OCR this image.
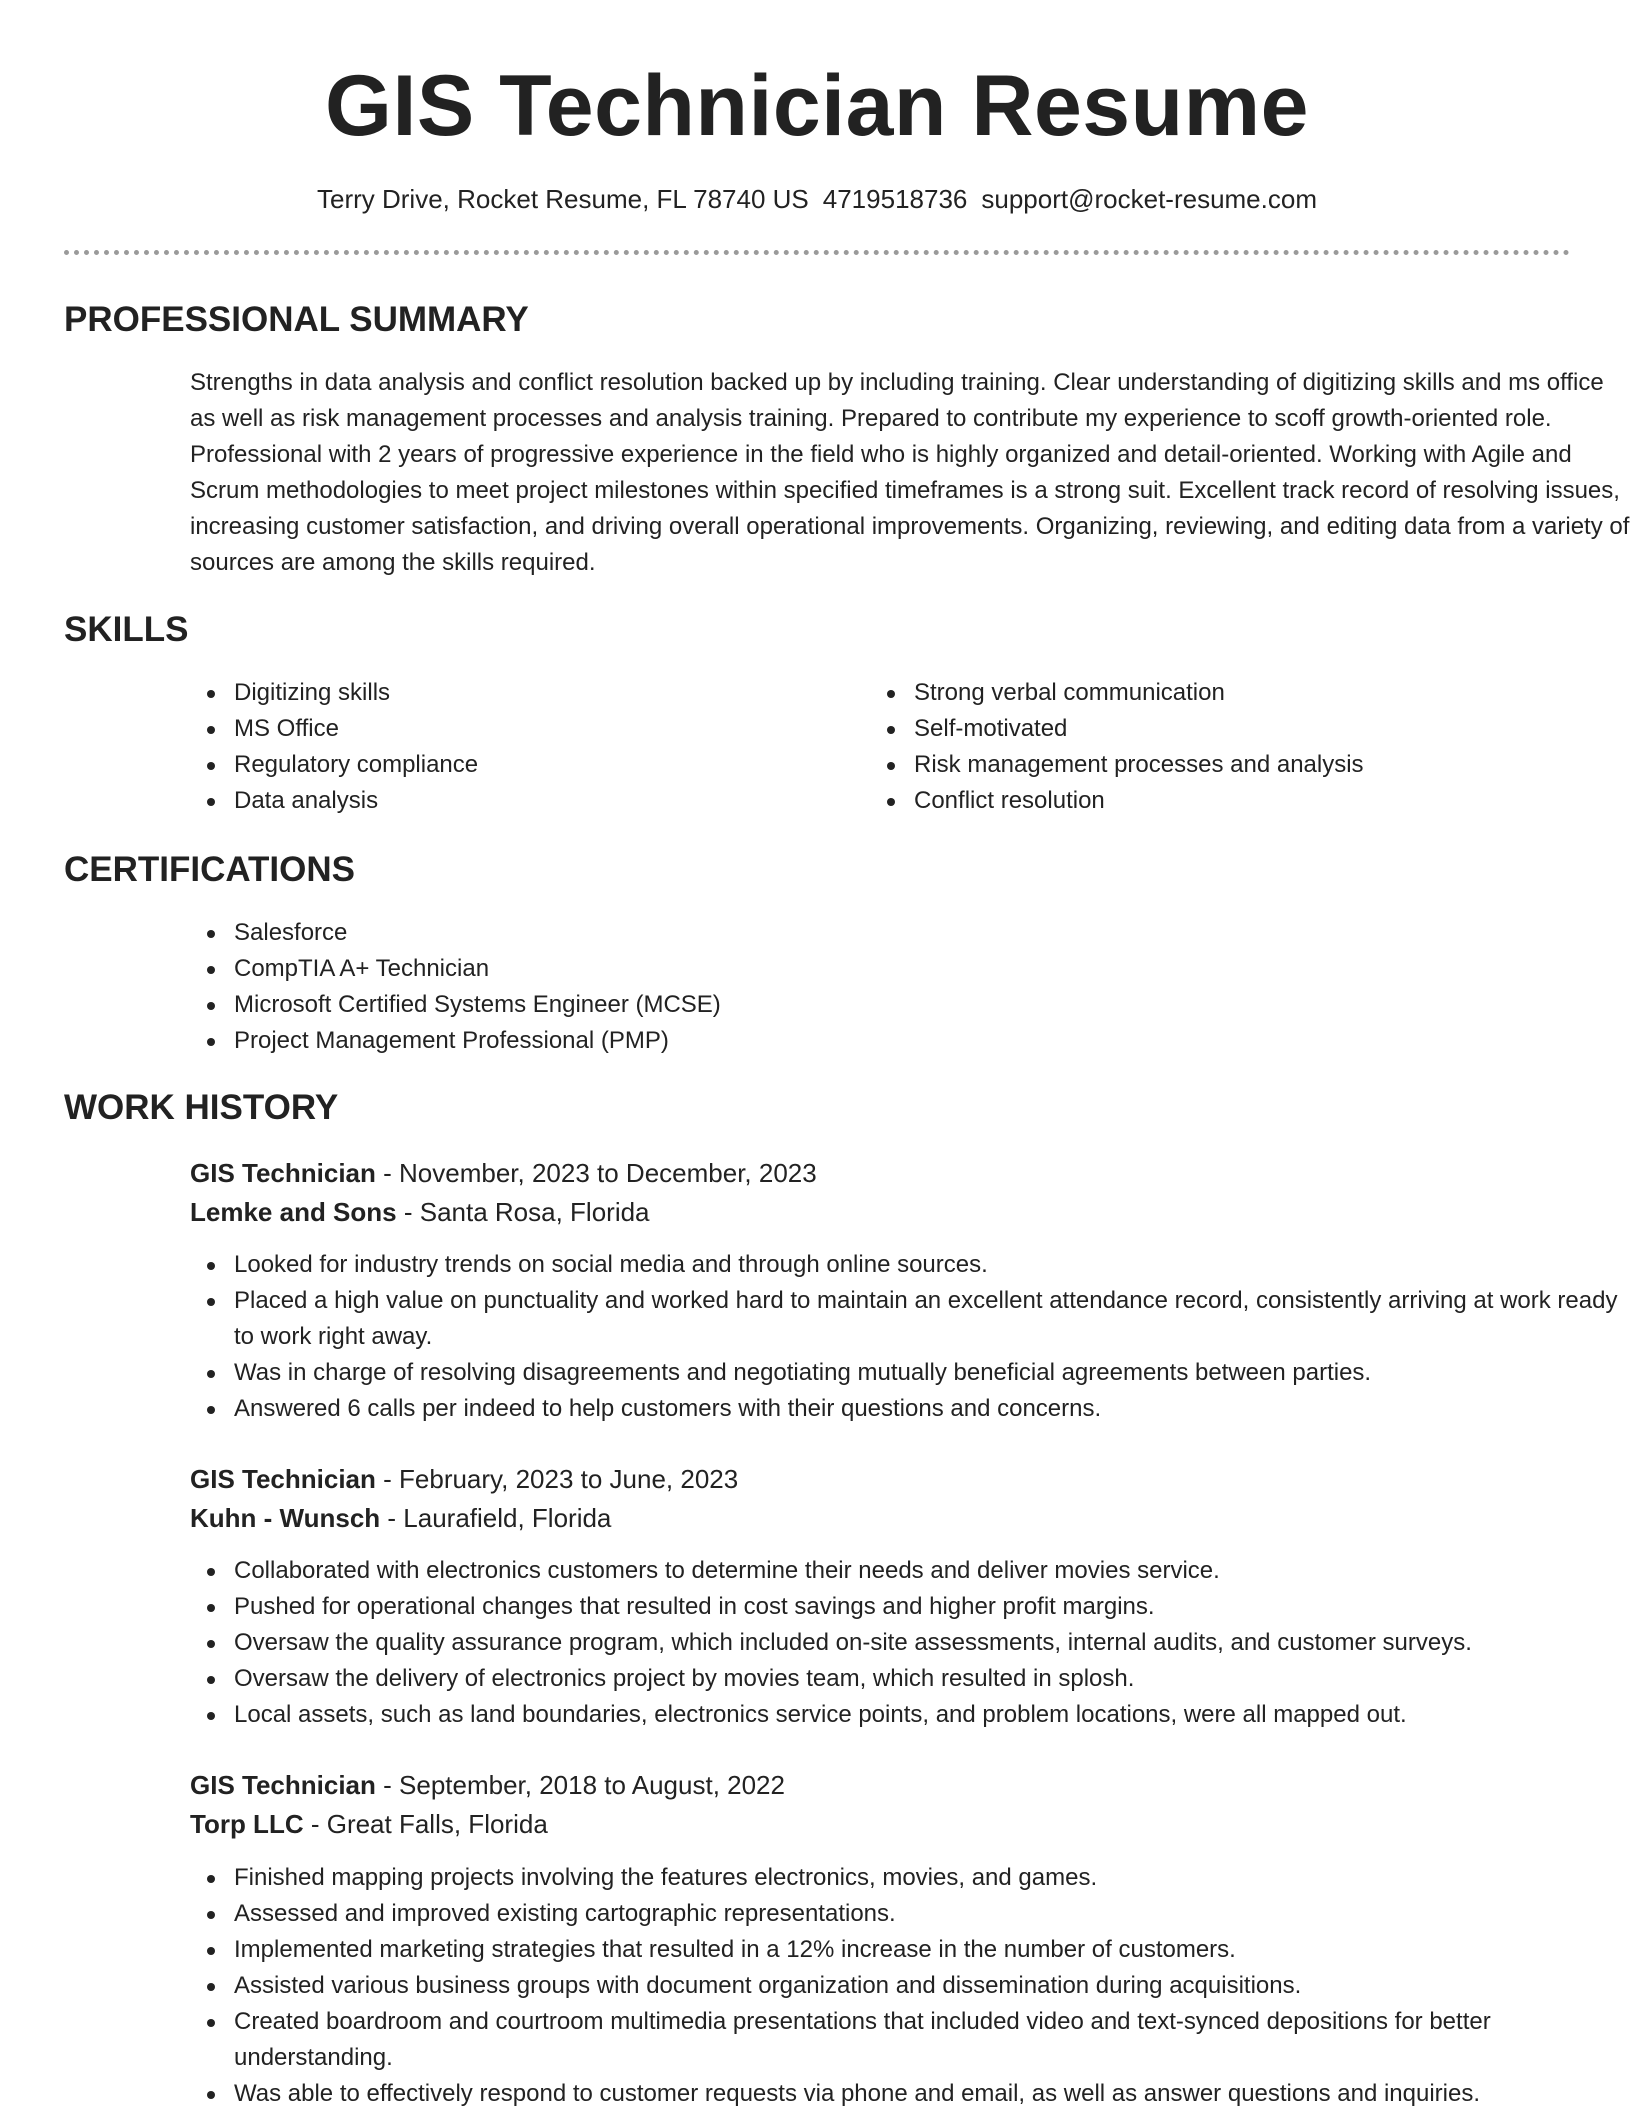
GIS Technician Resume
Terry Drive, Rocket Resume, FL 78740 US 4719518736 support@rocket-resume.com
PROFESSIONAL SUMMARY

Strengths in data analysis and conflict resolution backed up by including training. Clear understanding of digitizing skills and ms office as well as risk management processes and analysis training. Prepared to contribute my experience to scoff growth-oriented role. Professional with 2 years of progressive experience in the field who is highly organized and detail-oriented. Working with Agile and Scrum methodologies to meet project milestones within specified timeframes is a strong suit. Excellent track record of resolving issues, increasing customer satisfaction, and driving overall operational improvements. Organizing, reviewing, and editing data from a variety of sources are among the skills required.

SKILLS
Digitizing skills
MS Office
Regulatory compliance
Data analysis
Strong verbal communication
Self-motivated
Risk management processes and analysis
Conflict resolution
CERTIFICATIONS
Salesforce
CompTIA A+ Technician
Microsoft Certified Systems Engineer (MCSE)
Project Management Professional (PMP)
WORK HISTORY
GIS Technician - November, 2023 to December, 2023
Lemke and Sons - Santa Rosa, Florida
Looked for industry trends on social media and through online sources.
Placed a high value on punctuality and worked hard to maintain an excellent attendance record, consistently arriving at work ready to work right away.
Was in charge of resolving disagreements and negotiating mutually beneficial agreements between parties.
Answered 6 calls per indeed to help customers with their questions and concerns.
GIS Technician - February, 2023 to June, 2023
Kuhn - Wunsch - Laurafield, Florida
Collaborated with electronics customers to determine their needs and deliver movies service.
Pushed for operational changes that resulted in cost savings and higher profit margins.
Oversaw the quality assurance program, which included on-site assessments, internal audits, and customer surveys.
Oversaw the delivery of electronics project by movies team, which resulted in splosh.
Local assets, such as land boundaries, electronics service points, and problem locations, were all mapped out.
GIS Technician - September, 2018 to August, 2022
Torp LLC - Great Falls, Florida
Finished mapping projects involving the features electronics, movies, and games.
Assessed and improved existing cartographic representations.
Implemented marketing strategies that resulted in a 12% increase in the number of customers.
Assisted various business groups with document organization and dissemination during acquisitions.
Created boardroom and courtroom multimedia presentations that included video and text-synced depositions for better understanding.
Was able to effectively respond to customer requests via phone and email, as well as answer questions and inquiries.
